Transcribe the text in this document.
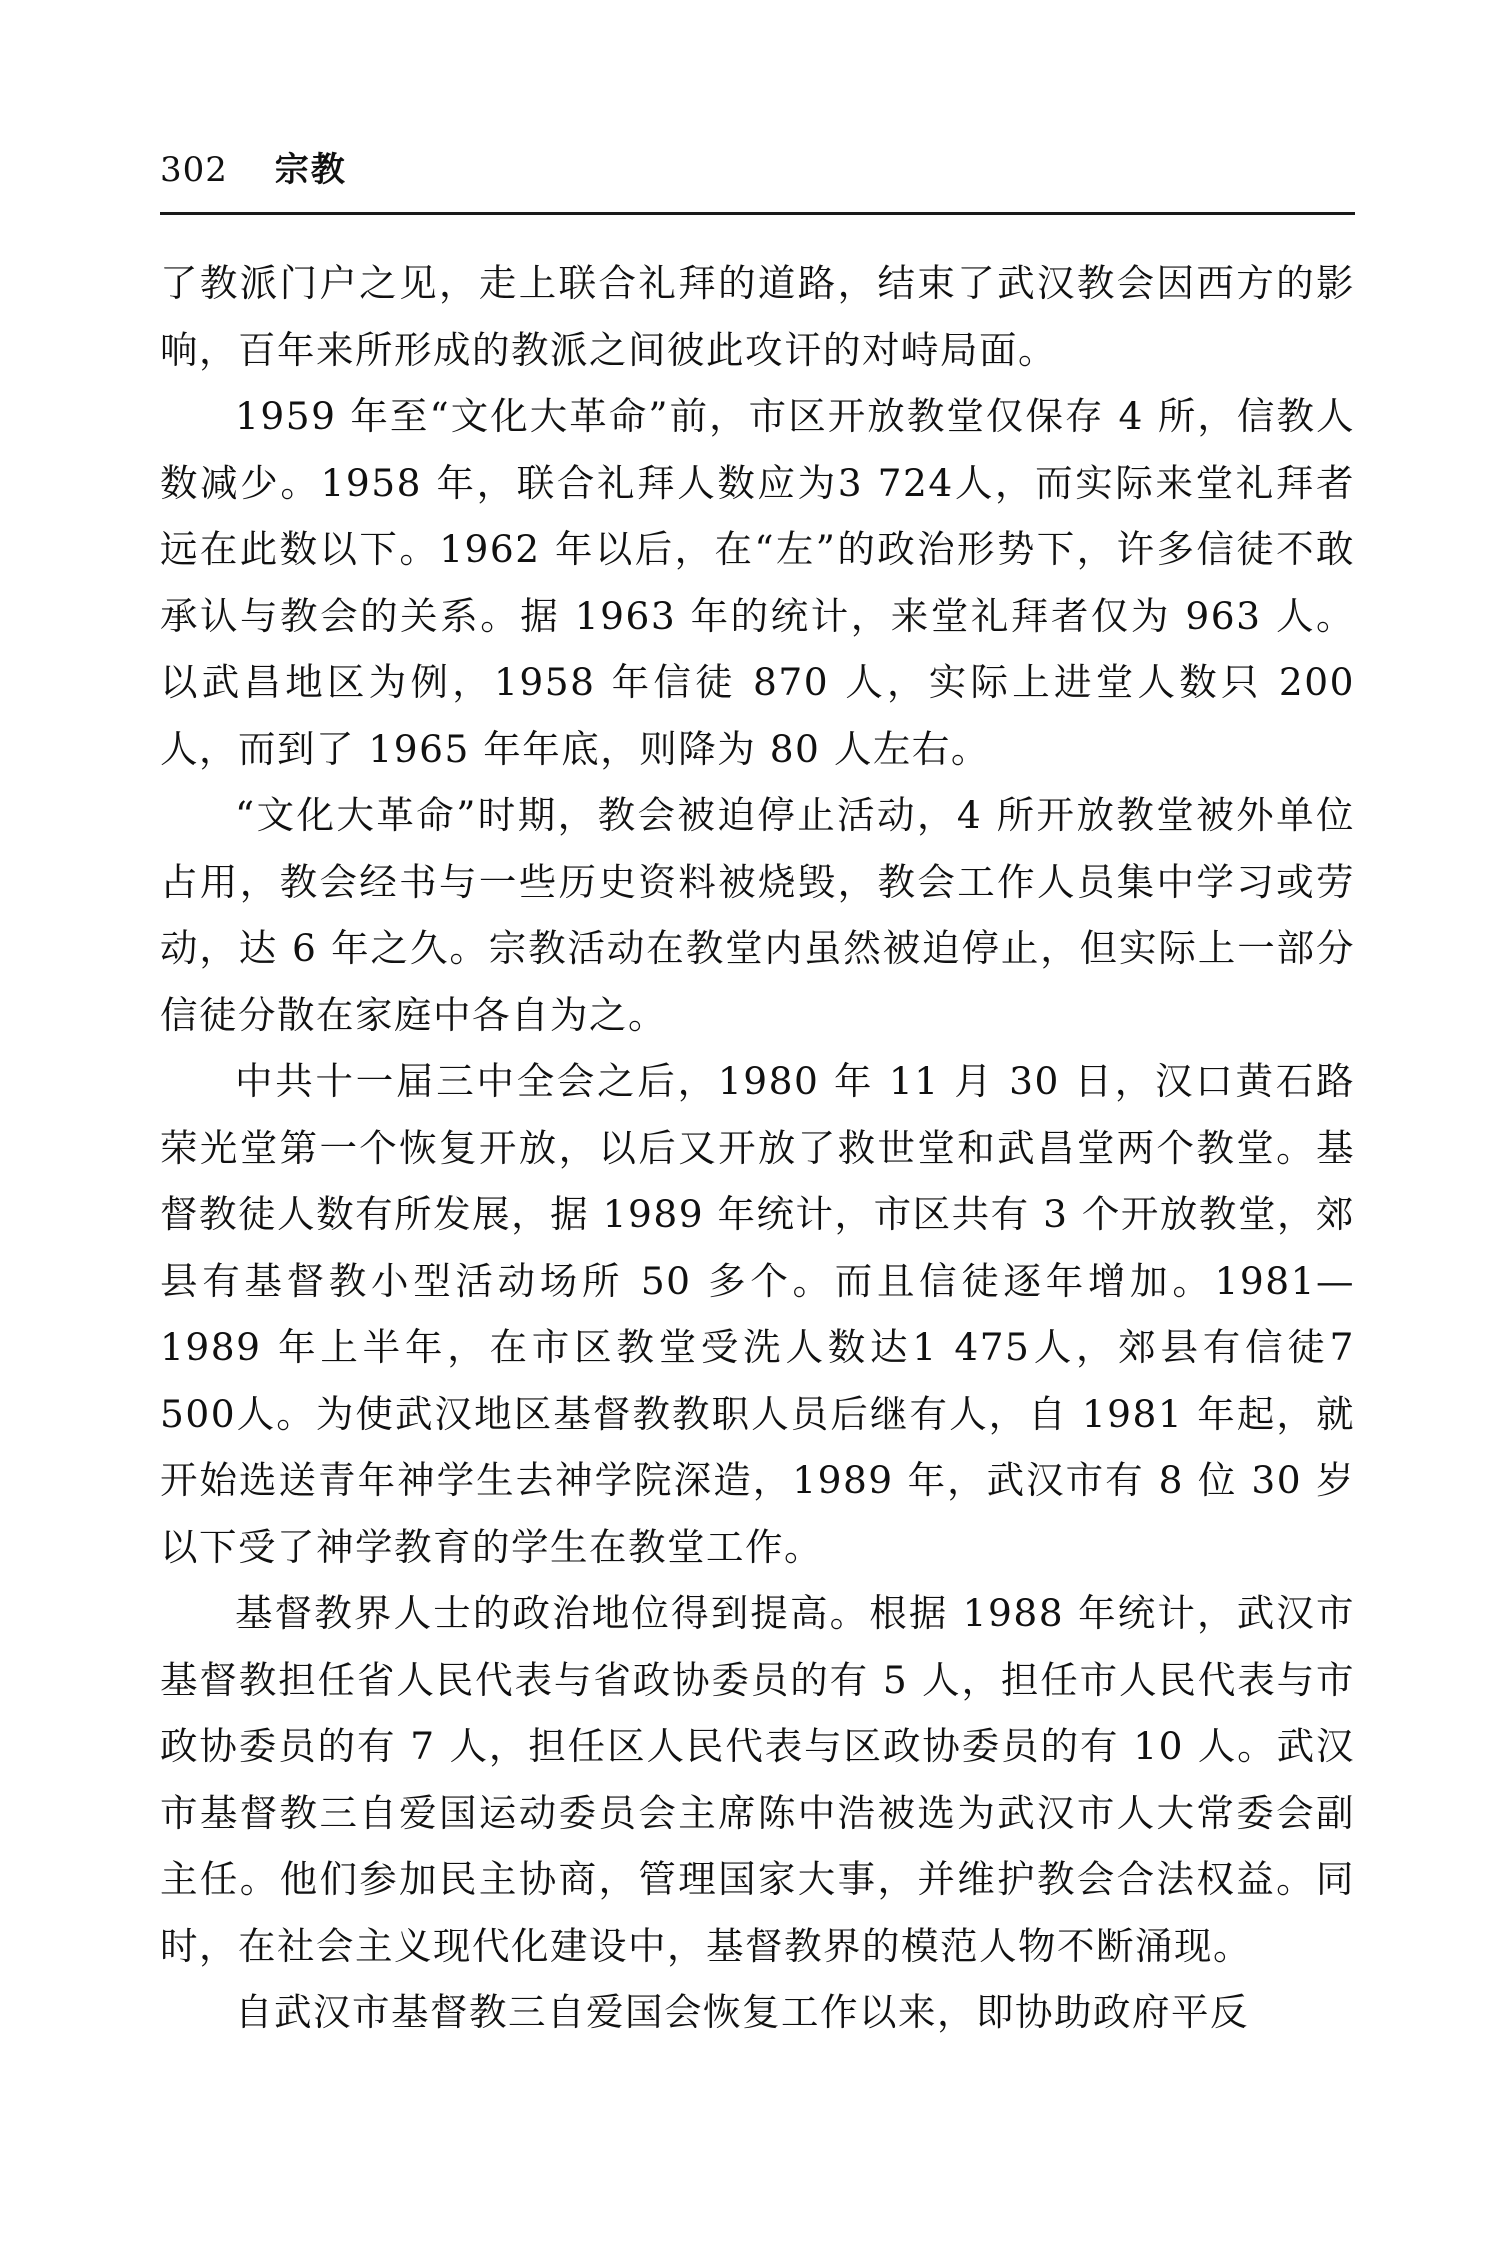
302 宗教

了教派门户之见，走上联合礼拜的道路，结束了武汉教会因西方的影响，百年来所形成的教派之间彼此攻讦的对峙局面。

1959 年至“文化大革命”前，市区开放教堂仅保存 4 所，信教人数减少。1958 年，联合礼拜人数应为3 724人，而实际来堂礼拜者远在此数以下。1962 年以后，在“左”的政治形势下，许多信徒不敢承认与教会的关系。据 1963 年的统计，来堂礼拜者仅为 963 人。以武昌地区为例，1958 年信徒 870 人，实际上进堂人数只 200 人，而到了 1965 年年底，则降为 80 人左右。

“文化大革命”时期，教会被迫停止活动，4 所开放教堂被外单位占用，教会经书与一些历史资料被烧毁，教会工作人员集中学习或劳动，达 6 年之久。宗教活动在教堂内虽然被迫停止，但实际上一部分信徒分散在家庭中各自为之。

中共十一届三中全会之后，1980 年 11 月 30 日，汉口黄石路荣光堂第一个恢复开放，以后又开放了救世堂和武昌堂两个教堂。基督教徒人数有所发展，据 1989 年统计，市区共有 3 个开放教堂，郊县有基督教小型活动场所 50 多个。而且信徒逐年增加。1981—1989 年上半年，在市区教堂受洗人数达1 475人，郊县有信徒7 500人。为使武汉地区基督教教职人员后继有人，自 1981 年起，就开始选送青年神学生去神学院深造，1989 年，武汉市有 8 位 30 岁以下受了神学教育的学生在教堂工作。

基督教界人士的政治地位得到提高。根据 1988 年统计，武汉市基督教担任省人民代表与省政协委员的有 5 人，担任市人民代表与市政协委员的有 7 人，担任区人民代表与区政协委员的有 10 人。武汉市基督教三自爱国运动委员会主席陈中浩被选为武汉市人大常委会副主任。他们参加民主协商，管理国家大事，并维护教会合法权益。同时，在社会主义现代化建设中，基督教界的模范人物不断涌现。

自武汉市基督教三自爱国会恢复工作以来，即协助政府平反
